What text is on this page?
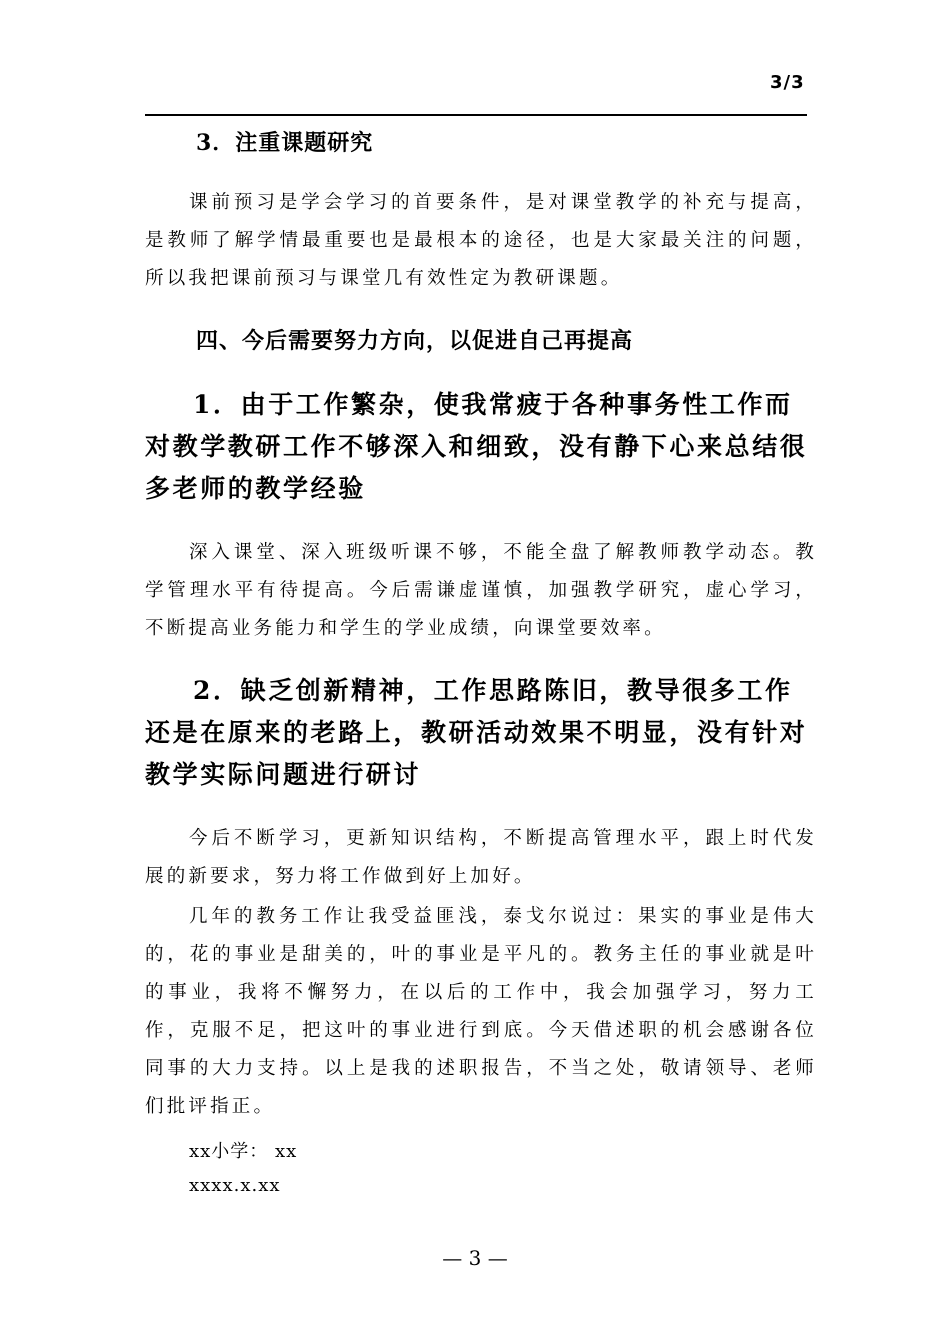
3/3
3．注重课题研究

课前预习是学会学习的首要条件，是对课堂教学的补充与提高，是教师了解学情最重要也是最根本的途径，也是大家最关注的问题，所以我把课前预习与课堂几有效性定为教研课题。

四、今后需要努力方向，以促进自己再提高

1．由于工作繁杂，使我常疲于各种事务性工作而对教学教研工作不够深入和细致，没有静下心来总结很多老师的教学经验

深入课堂、深入班级听课不够，不能全盘了解教师教学动态。教学管理水平有待提高。今后需谦虚谨慎，加强教学研究，虚心学习，不断提高业务能力和学生的学业成绩，向课堂要效率。

2．缺乏创新精神，工作思路陈旧，教导很多工作还是在原来的老路上，教研活动效果不明显，没有针对教学实际问题进行研讨

今后不断学习，更新知识结构，不断提高管理水平，跟上时代发展的新要求，努力将工作做到好上加好。

几年的教务工作让我受益匪浅，泰戈尔说过：果实的事业是伟大的，花的事业是甜美的，叶的事业是平凡的。教务主任的事业就是叶的事业，我将不懈努力，在以后的工作中，我会加强学习，努力工作，克服不足，把这叶的事业进行到底。今天借述职的机会感谢各位同事的大力支持。以上是我的述职报告，不当之处，敬请领导、老师们批评指正。

xx小学： xx
xxxx.x.xx
— 3 —
